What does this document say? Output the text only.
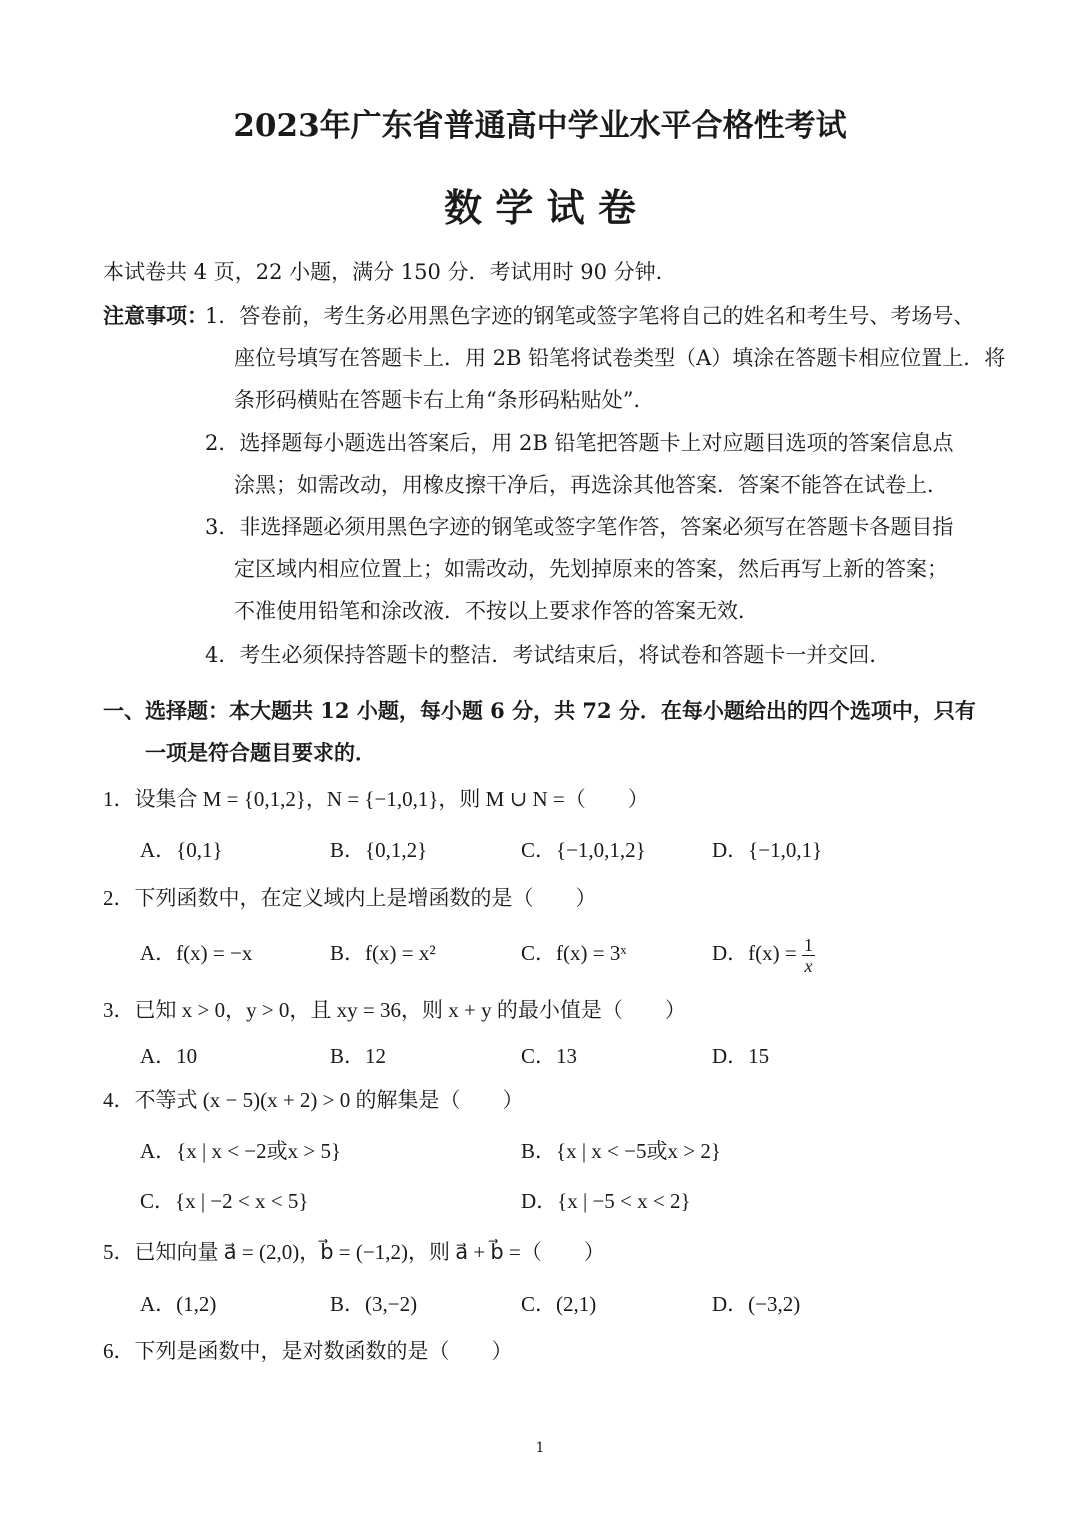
2023年广东省普通高中学业水平合格性考试
数 学 试 卷
本试卷共 4 页，22 小题，满分 150 分．考试用时 90 分钟．
注意事项：
1．答卷前，考生务必用黑色字迹的钢笔或签字笔将自己的姓名和考生号、考场号、
座位号填写在答题卡上．用 2B 铅笔将试卷类型（A）填涂在答题卡相应位置上．将
条形码横贴在答题卡右上角“条形码粘贴处”．
2．选择题每小题选出答案后，用 2B 铅笔把答题卡上对应题目选项的答案信息点
涂黑；如需改动，用橡皮擦干净后，再选涂其他答案．答案不能答在试卷上．
3．非选择题必须用黑色字迹的钢笔或签字笔作答，答案必须写在答题卡各题目指
定区域内相应位置上；如需改动，先划掉原来的答案，然后再写上新的答案；
不准使用铅笔和涂改液．不按以上要求作答的答案无效．
4．考生必须保持答题卡的整洁．考试结束后，将试卷和答题卡一并交回．
一、选择题：本大题共 12 小题，每小题 6 分，共 72 分．在每小题给出的四个选项中，只有
一项是符合题目要求的．
1．设集合 M = {0,1,2}，N = {−1,0,1}，则 M ∪ N =（　　）
A．{0,1}	B．{0,1,2}	C．{−1,0,1,2}	D．{−1,0,1}
2．下列函数中，在定义域内上是增函数的是（　　）
A．f(x) = −x	B．f(x) = x²	C．f(x) = 3ˣ	D．$f(x) = \frac{1}{x}$
3．已知 x > 0，y > 0，且 xy = 36，则 x + y 的最小值是（　　）
A．10	B．12	C．13	D．15
4．不等式 (x − 5)(x + 2) > 0 的解集是（　　）
A．{x | x < −2或x > 5}	B．{x | x < −5或x > 2}
C．{x | −2 < x < 5}	D．{x | −5 < x < 2}
5．已知向量 a⃗ = (2,0)，b⃗ = (−1,2)，则 a⃗ + b⃗ =（　　）
A．(1,2)	B．(3,−2)	C．(2,1)	D．(−3,2)
6．下列是函数中，是对数函数的是（　　）
1
